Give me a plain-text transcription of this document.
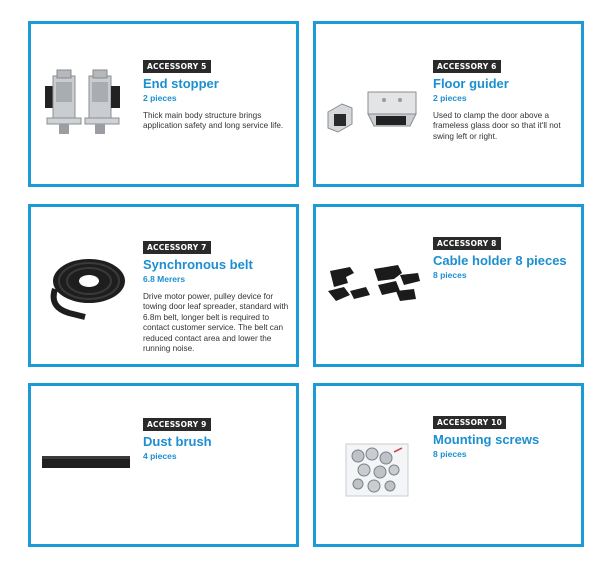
ACCESSORY 5
End stopper
2 pieces
Thick main body structure brings application safety and long service life.
ACCESSORY 6
Floor guider
2 pieces
Used to clamp the door above a frameless glass door so that it'll not swing left or right.
ACCESSORY 7
Synchronous belt
6.8 Merers
Drive motor power, pulley device for towing door leaf spreader, standard with 6.8m belt, longer belt is required to contact customer service. The belt can reduced contact area and lower the running noise.
ACCESSORY 8
Cable holder 8 pieces
8 pieces
ACCESSORY 9
Dust brush
4 pieces
ACCESSORY 10
Mounting screws
8 pieces
